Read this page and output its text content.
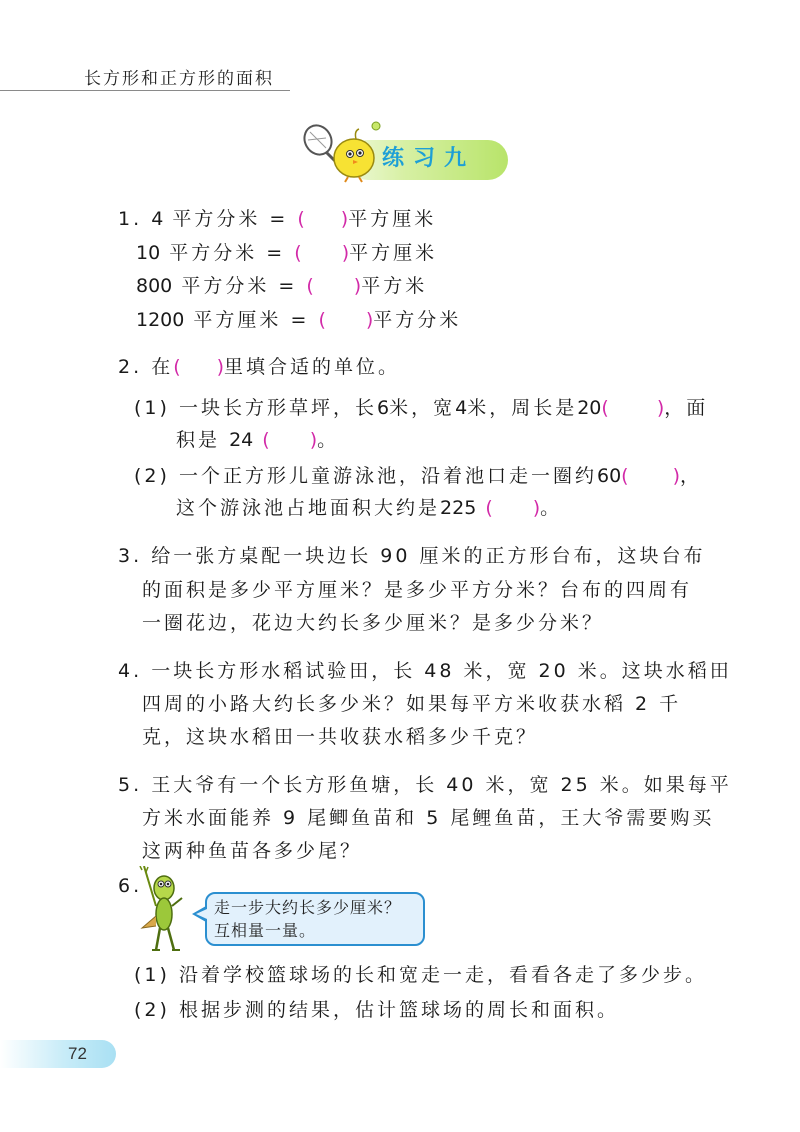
长方形和正方形的面积
练习九
1. 4 平方分米 = ( )平方厘米
10 平方分米 = ( )平方厘米
800 平方分米 = ( )平方米
1200 平方厘米 = ( )平方分米
2. 在( )里填合适的单位。
(1) 一块长方形草坪，长6米，宽4米，周长是20(	)，面
积是 24 ( )。
(2) 一个正方形儿童游泳池，沿着池口走一圈约60( )，
这个游泳池占地面积大约是225 ( )。
3. 给一张方桌配一块边长 90 厘米的正方形台布，这块台布
的面积是多少平方厘米？是多少平方分米？台布的四周有
一圈花边，花边大约长多少厘米？是多少分米？
4. 一块长方形水稻试验田，长 48 米，宽 20 米。这块水稻田
四周的小路大约长多少米？如果每平方米收获水稻 2 千
克，这块水稻田一共收获水稻多少千克？
5. 王大爷有一个长方形鱼塘，长 40 米，宽 25 米。如果每平
方米水面能养 9 尾鲫鱼苗和 5 尾鲤鱼苗，王大爷需要购买
这两种鱼苗各多少尾？
6.
走一步大约长多少厘米？
互相量一量。
(1) 沿着学校篮球场的长和宽走一走，看看各走了多少步。
(2) 根据步测的结果，估计篮球场的周长和面积。
72
